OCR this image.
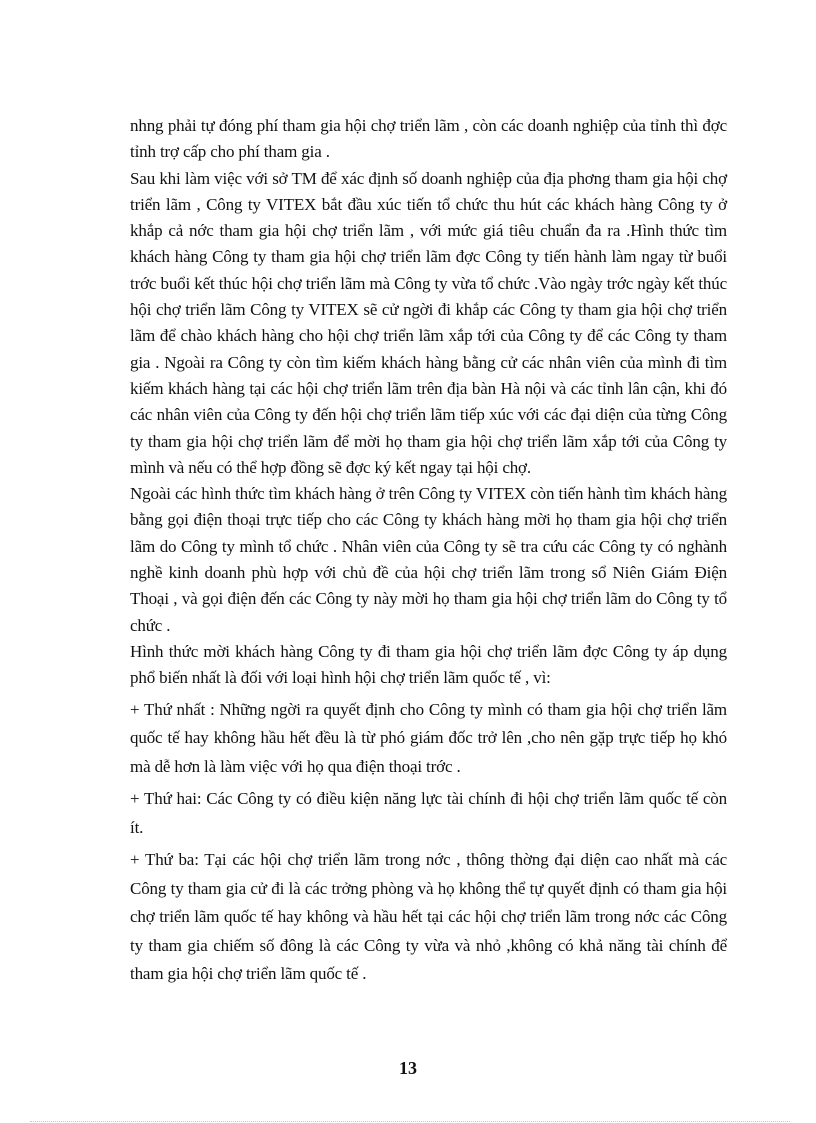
nhng phải tự đóng phí tham gia hội chợ triển lãm , còn các doanh nghiệp của tỉnh thì đợc tỉnh trợ cấp cho phí tham gia .

Sau khi làm việc với sở TM để xác định số doanh nghiệp của địa phơng tham gia hội chợ triển lãm , Công ty VITEX bắt đầu xúc tiến tổ chức thu hút các khách hàng Công ty ở khắp cả nớc tham gia hội chợ triển lãm , với mức giá tiêu chuẩn đa ra .Hình thức tìm khách hàng Công ty tham gia hội chợ triển lãm đợc Công ty tiến hành làm ngay từ buổi trớc buổi kết thúc hội chợ triển lãm mà Công ty vừa tổ chức .Vào ngày trớc ngày kết thúc hội chợ triển lãm Công ty VITEX sẽ cử ngời đi khắp các Công ty tham gia hội chợ triển lãm để chào khách hàng cho hội chợ triển lãm xắp tới của Công ty để các Công ty tham gia . Ngoài ra Công ty còn tìm kiếm khách hàng bằng cử các nhân viên của mình đi tìm kiếm khách hàng tại các hội chợ triển lãm trên địa bàn Hà nội và các tỉnh lân cận, khi đó các nhân viên của Công ty đến hội chợ triển lãm tiếp xúc với các đại diện của từng Công ty tham gia hội chợ triển lãm để mời họ tham gia hội chợ triển lãm xắp tới của Công ty mình và nếu có thể hợp đồng sẽ đợc ký kết ngay tại hội chợ.

Ngoài các hình thức tìm khách hàng ở trên Công ty VITEX còn tiến hành tìm khách hàng bằng gọi điện thoại trực tiếp cho các Công ty khách hàng mời họ tham gia hội chợ triển lãm do Công ty mình tổ chức . Nhân viên của Công ty sẽ tra cứu các Công ty có nghành nghề kinh doanh phù hợp với chủ đề của hội chợ triển lãm trong sổ Niên Giám Điện Thoại , và gọi điện đến các Công ty này mời họ tham gia hội chợ triển lãm do Công ty tổ chức .

Hình thức mời khách hàng Công ty đi tham gia hội chợ triển lãm đợc Công ty áp dụng phổ biến nhất là đối với loại hình hội chợ triển lãm quốc tế , vì:

+ Thứ nhất : Những ngời ra quyết định cho Công ty mình có tham gia hội chợ triển lãm quốc tế hay không hầu hết đều là từ phó giám đốc trở lên ,cho nên gặp trực tiếp họ khó mà dễ hơn là làm việc với họ qua điện thoại trớc .

+ Thứ hai: Các Công ty có điều kiện năng lực tài chính đi hội chợ triển lãm quốc tế còn ít.

+ Thứ ba: Tại các hội chợ triển lãm trong nớc , thông thờng đại diện cao nhất mà các Công ty tham gia cử đi là các trởng phòng và họ không thể tự quyết định có tham gia hội chợ triển lãm quốc tế hay không và hầu hết tại các hội chợ triển lãm trong nớc các Công ty tham gia chiếm số đông là các Công ty vừa và nhỏ ,không có khả năng tài chính để tham gia hội chợ triển lãm quốc tế .

13
